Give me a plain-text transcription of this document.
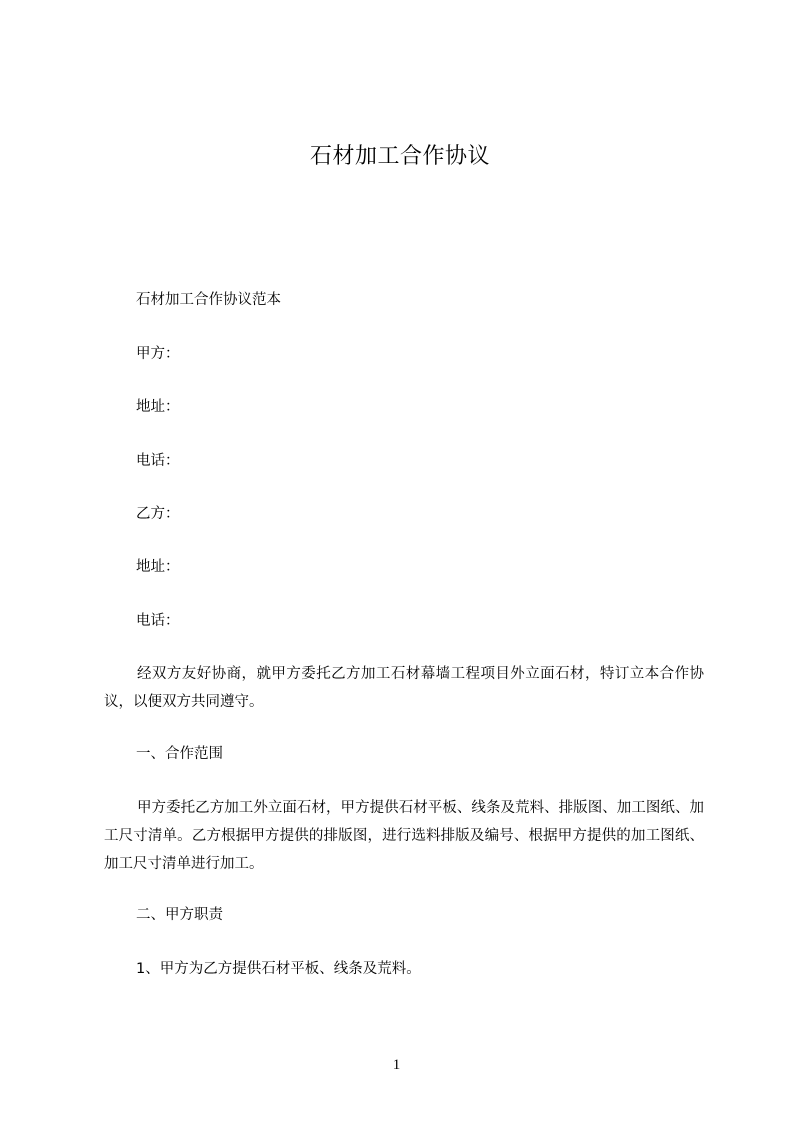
石材加工合作协议
石材加工合作协议范本
甲方：
地址：
电话：
乙方：
地址：
电话：
经双方友好协商，就甲方委托乙方加工石材幕墙工程项目外立面石材，特订立本合作协议，以便双方共同遵守。
一、合作范围
甲方委托乙方加工外立面石材，甲方提供石材平板、线条及荒料、排版图、加工图纸、加工尺寸清单。乙方根据甲方提供的排版图，进行选料排版及编号、根据甲方提供的加工图纸、加工尺寸清单进行加工。
二、甲方职责
1、甲方为乙方提供石材平板、线条及荒料。
1
